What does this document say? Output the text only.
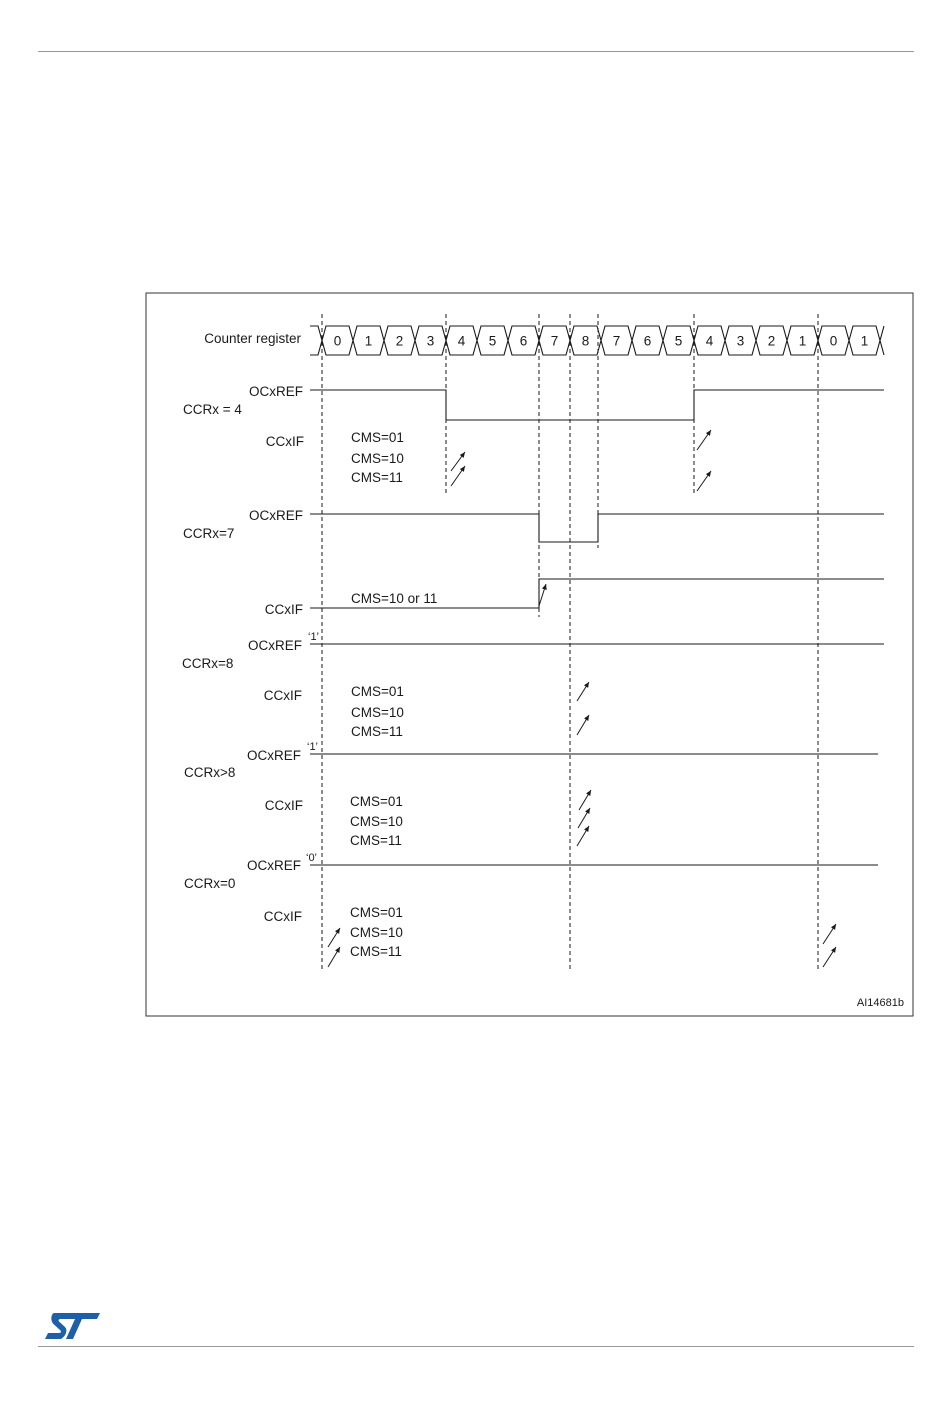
Counter register 0 1 2 3 4 5 6 7 8 7 6 5 4 3 2 1 0 1
OCxREF
CCRx = 4
CCxIF	CMS=01
CMS=10
CMS=11
OCxREF
CCRx=7
CMS=10 or 11
CCxIF
‘1’
OCxREF
CCRx=8
CCxIF	CMS=01
CMS=10
CMS=11
‘1’
OCxREF
CCRx>8
CCxIF	CMS=01
CMS=10
CMS=11
‘0’
OCxREF
CCRx=0
CCxIF	CMS=01
CMS=10
CMS=11
AI14681b
